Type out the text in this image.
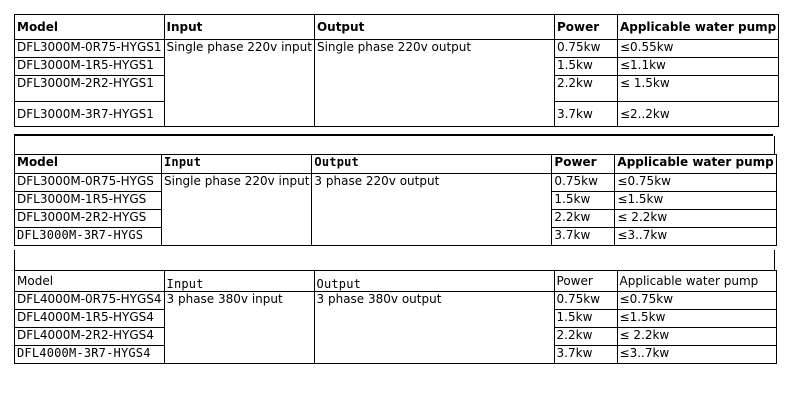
Model	Input	Output	Power	Applicable water pump
DFL3000M-0R75-HYGS1	Single phase 220v input	Single phase 220v output	0.75kw	≤0.55kw
DFL3000M-1R5-HYGS1			1.5kw	≤1.1kw
DFL3000M-2R2-HYGS1			2.2kw	≤ 1.5kw
DFL3000M-3R7-HYGS1			3.7kw	≤2..2kw
Model	Input	Output	Power	Applicable water pump
DFL3000M-0R75-HYGS	Single phase 220v input	3 phase 220v output	0.75kw	≤0.75kw
DFL3000M-1R5-HYGS			1.5kw	≤1.5kw
DFL3000M-2R2-HYGS			2.2kw	≤ 2.2kw
DFL3000M-3R7-HYGS			3.7kw	≤3..7kw
Model	Input	Output	Power	Applicable water pump
DFL4000M-0R75-HYGS4	3 phase 380v input	3 phase 380v output	0.75kw	≤0.75kw
DFL4000M-1R5-HYGS4			1.5kw	≤1.5kw
DFL4000M-2R2-HYGS4			2.2kw	≤ 2.2kw
DFL4000M-3R7-HYGS4			3.7kw	≤3..7kw
